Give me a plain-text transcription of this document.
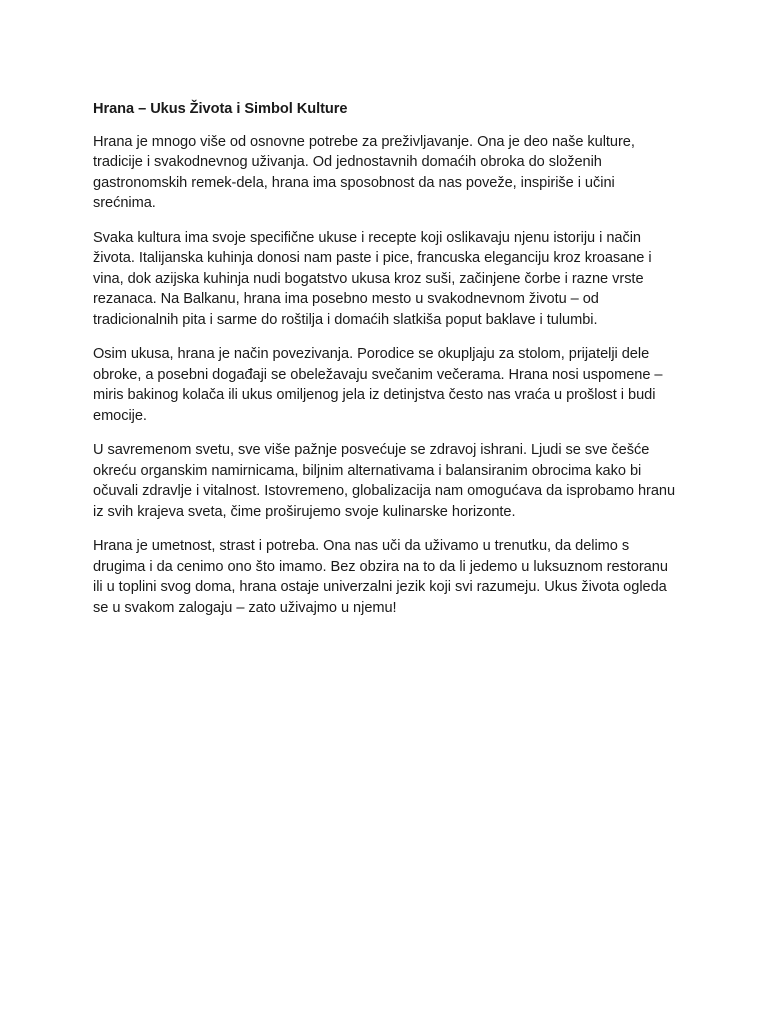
Hrana – Ukus Života i Simbol Kulture

Hrana je mnogo više od osnovne potrebe za preživljavanje. Ona je deo naše kulture, tradicije i svakodnevnog uživanja. Od jednostavnih domaćih obroka do složenih gastronomskih remek-dela, hrana ima sposobnost da nas poveže, inspiriše i učini srećnima.

Svaka kultura ima svoje specifične ukuse i recepte koji oslikavaju njenu istoriju i način života. Italijanska kuhinja donosi nam paste i pice, francuska eleganciju kroz kroasane i vina, dok azijska kuhinja nudi bogatstvo ukusa kroz suši, začinjene čorbe i razne vrste rezanaca. Na Balkanu, hrana ima posebno mesto u svakodnevnom životu – od tradicionalnih pita i sarme do roštilja i domaćih slatkiša poput baklave i tulumbi.

Osim ukusa, hrana je način povezivanja. Porodice se okupljaju za stolom, prijatelji dele obroke, a posebni događaji se obeležavaju svečanim večerama. Hrana nosi uspomene – miris bakinog kolača ili ukus omiljenog jela iz detinjstva često nas vraća u prošlost i budi emocije.

U savremenom svetu, sve više pažnje posvećuje se zdravoj ishrani. Ljudi se sve češće okreću organskim namirnicama, biljnim alternativama i balansiranim obrocima kako bi očuvali zdravlje i vitalnost. Istovremeno, globalizacija nam omogućava da isprobamo hranu iz svih krajeva sveta, čime proširujemo svoje kulinarske horizonte.

Hrana je umetnost, strast i potreba. Ona nas uči da uživamo u trenutku, da delimo s drugima i da cenimo ono što imamo. Bez obzira na to da li jedemo u luksuznom restoranu ili u toplini svog doma, hrana ostaje univerzalni jezik koji svi razumeju. Ukus života ogleda se u svakom zalogaju – zato uživajmo u njemu!
